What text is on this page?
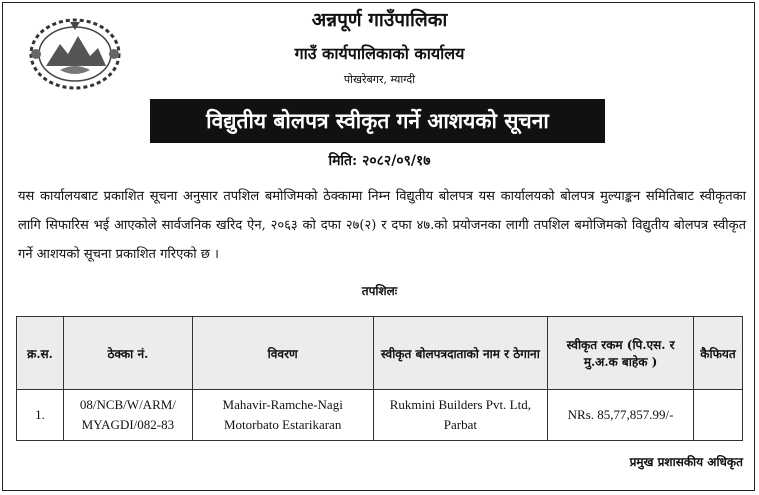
अन्नपूर्ण गाउँपालिका
गाउँ कार्यपालिकाको कार्यालय
पोखरेबगर, म्याग्दी
विद्युतीय बोलपत्र स्वीकृत गर्ने आशयको सूचना
मिति: २०८२/०९/१७
यस कार्यालयबाट प्रकाशित सूचना अनुसार तपशिल बमोजिमको ठेक्कामा निम्न विद्युतीय बोलपत्र यस कार्यालयको बोलपत्र मुल्याङ्कन समितिबाट स्वीकृतका लागि सिफारिस भई आएकोले सार्वजनिक खरिद ऐन, २०६३ को दफा २७(२) र दफा ४७.को प्रयोजनका लागी तपशिल बमोजिमको विद्युतीय बोलपत्र स्वीकृत गर्ने आशयको सूचना प्रकाशित गरिएको छ ।
तपशिलः
क्र.स.	ठेक्का नं.	विवरण	स्वीकृत बोलपत्रदाताको नाम र ठेगाना	स्वीकृत रकम (पि.एस. र मु.अ.क बाहेक )	कैफियत
1.	08/NCB/W/ARM/ MYAGDI/082-83	Mahavir-Ramche-Nagi Motorbato Estarikaran	Rukmini Builders Pvt. Ltd, Parbat	NRs. 85,77,857.99/-	
प्रमुख प्रशासकीय अधिकृत
